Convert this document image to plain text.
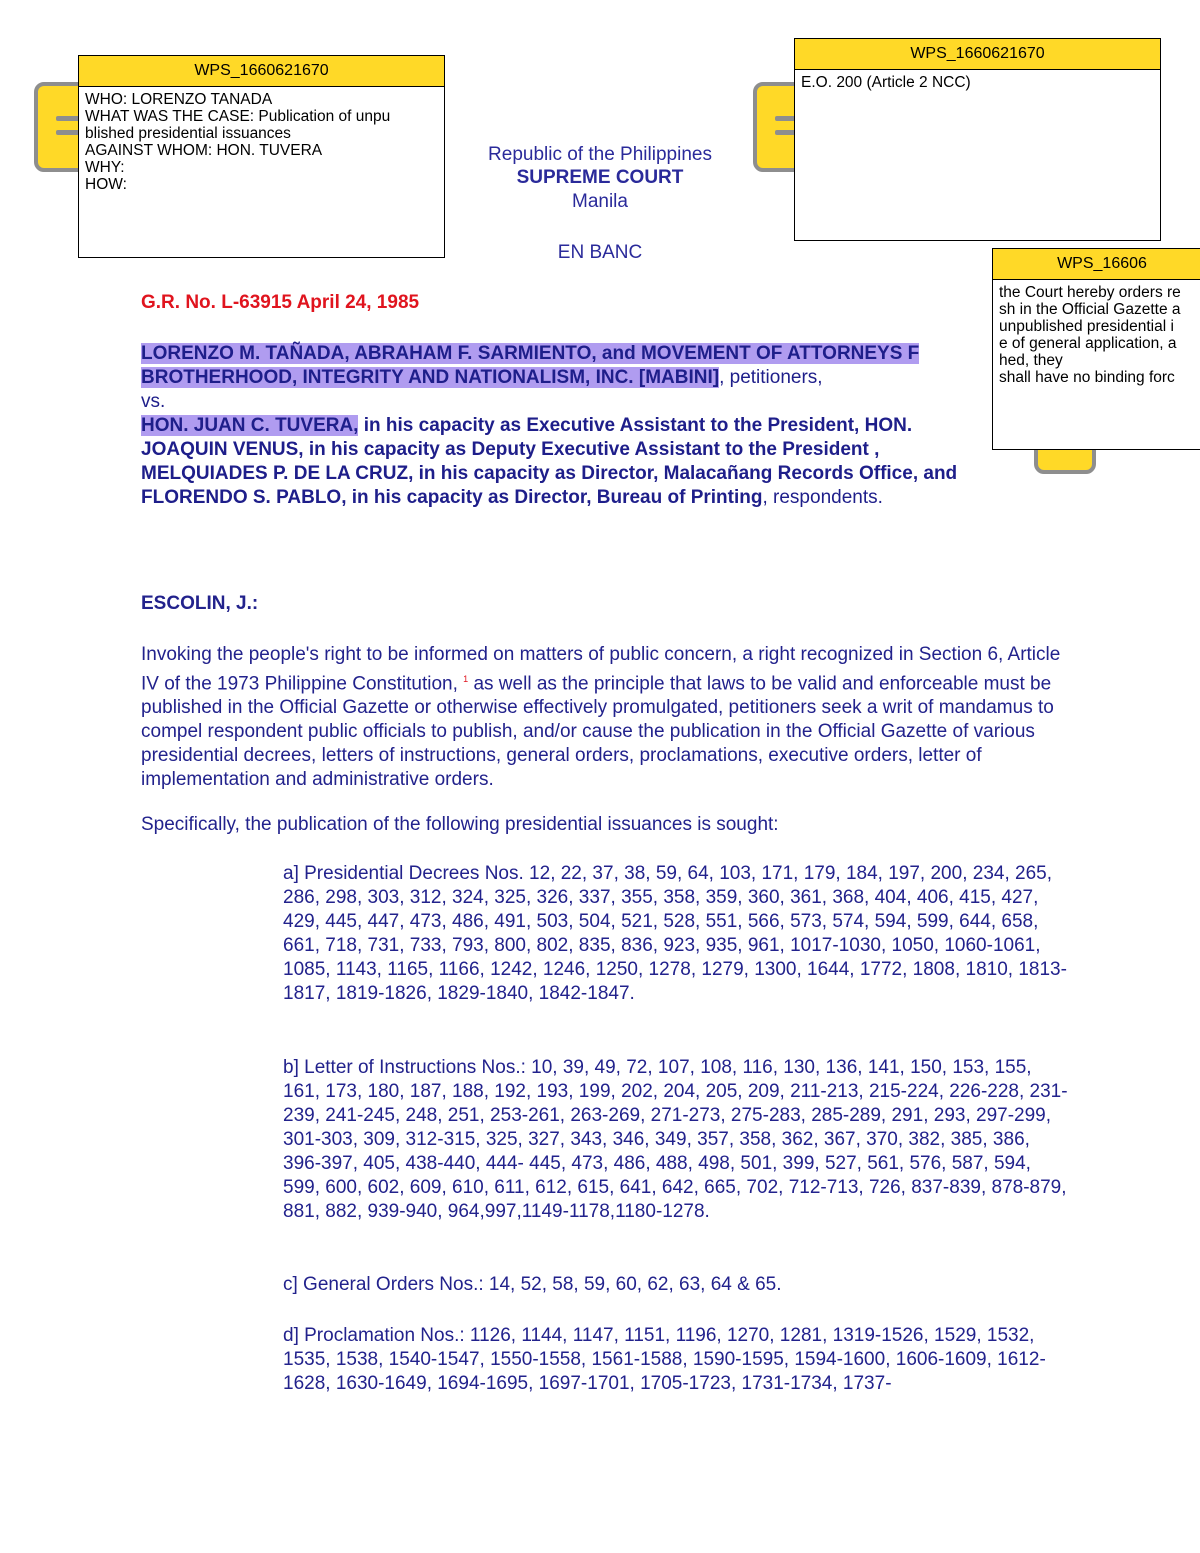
WPS_1660621670
WHO: LORENZO TANADA
WHAT WAS THE CASE: Publication of unpu
blished presidential issuances
AGAINST WHOM: HON. TUVERA
WHY:
HOW:
WPS_1660621670
E.O. 200 (Article 2 NCC)
Republic of the Philippines
SUPREME COURT
Manila
EN BANC
G.R. No. L-63915 April 24, 1985
LORENZO M. TAÑADA, ABRAHAM F. SARMIENTO, and MOVEMENT OF ATTORNEYS F
BROTHERHOOD, INTEGRITY AND NATIONALISM, INC. [MABINI], petitioners,
vs.
HON. JUAN C. TUVERA, in his capacity as Executive Assistant to the President, HON.
JOAQUIN VENUS, in his capacity as Deputy Executive Assistant to the President ,
MELQUIADES P. DE LA CRUZ, in his capacity as Director, Malacañang Records Office, and
FLORENDO S. PABLO, in his capacity as Director, Bureau of Printing, respondents.
WPS_16606
the Court hereby orders re
sh in the Official Gazette a
unpublished presidential i
e of general application, a
hed, they
shall have no binding forc
ESCOLIN, J.:
Invoking the people's right to be informed on matters of public concern, a right recognized in Section 6, Article IV of the 1973 Philippine Constitution, $^1$ as well as the principle that laws to be valid and enforceable must be published in the Official Gazette or otherwise effectively promulgated, petitioners seek a writ of mandamus to compel respondent public officials to publish, and/or cause the publication in the Official Gazette of various presidential decrees, letters of instructions, general orders, proclamations, executive orders, letter of implementation and administrative orders.
Specifically, the publication of the following presidential issuances is sought:
a] Presidential Decrees Nos. 12, 22, 37, 38, 59, 64, 103, 171, 179, 184, 197, 200, 234, 265, 286, 298, 303, 312, 324, 325, 326, 337, 355, 358, 359, 360, 361, 368, 404, 406, 415, 427, 429, 445, 447, 473, 486, 491, 503, 504, 521, 528, 551, 566, 573, 574, 594, 599, 644, 658, 661, 718, 731, 733, 793, 800, 802, 835, 836, 923, 935, 961, 1017-1030, 1050, 1060-1061, 1085, 1143, 1165, 1166, 1242, 1246, 1250, 1278, 1279, 1300, 1644, 1772, 1808, 1810, 1813-1817, 1819-1826, 1829-1840, 1842-1847.
b] Letter of Instructions Nos.: 10, 39, 49, 72, 107, 108, 116, 130, 136, 141, 150, 153, 155, 161, 173, 180, 187, 188, 192, 193, 199, 202, 204, 205, 209, 211-213, 215-224, 226-228, 231-239, 241-245, 248, 251, 253-261, 263-269, 271-273, 275-283, 285-289, 291, 293, 297-299, 301-303, 309, 312-315, 325, 327, 343, 346, 349, 357, 358, 362, 367, 370, 382, 385, 386, 396-397, 405, 438-440, 444- 445, 473, 486, 488, 498, 501, 399, 527, 561, 576, 587, 594, 599, 600, 602, 609, 610, 611, 612, 615, 641, 642, 665, 702, 712-713, 726, 837-839, 878-879, 881, 882, 939-940, 964,997,1149-1178,1180-1278.
c] General Orders Nos.: 14, 52, 58, 59, 60, 62, 63, 64 & 65.
d] Proclamation Nos.: 1126, 1144, 1147, 1151, 1196, 1270, 1281, 1319-1526, 1529, 1532, 1535, 1538, 1540-1547, 1550-1558, 1561-1588, 1590-1595, 1594-1600, 1606-1609, 1612-1628, 1630-1649, 1694-1695, 1697-1701, 1705-1723, 1731-1734, 1737-
